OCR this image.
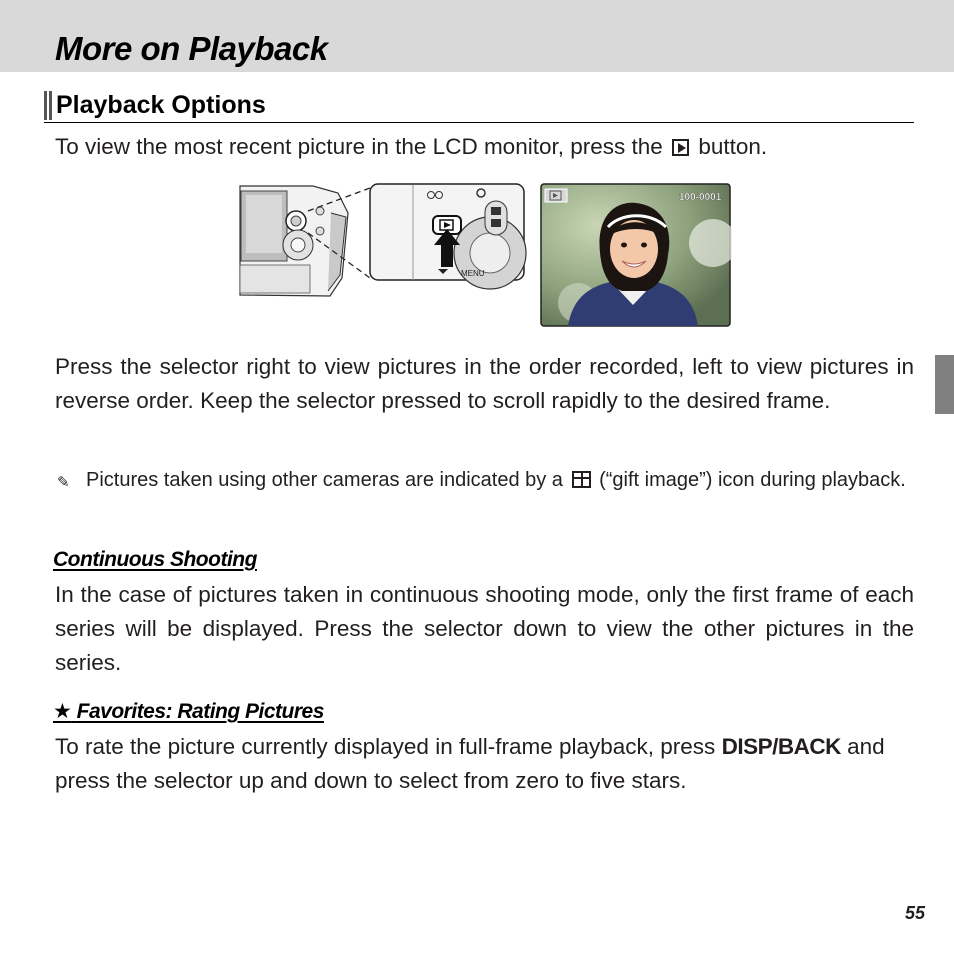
More on Playback
Playback Options

To view the most recent picture in the LCD monitor, press the button.

MENU
100-0001

Press the selector right to view pictures in the order recorded, left to view pictures in reverse order. Keep the selector pressed to scroll rapidly to the desired frame.

✎ Pictures taken using other cameras are indicated by a (“gift image”) icon during playback.

Continuous Shooting

In the case of pictures taken in continuous shooting mode, only the first frame of each series will be displayed. Press the selector down to view the other pictures in the series.

★ Favorites: Rating Pictures

To rate the picture currently displayed in full-frame playback, press DISP/BACK and press the selector up and down to select from zero to five stars.

55
